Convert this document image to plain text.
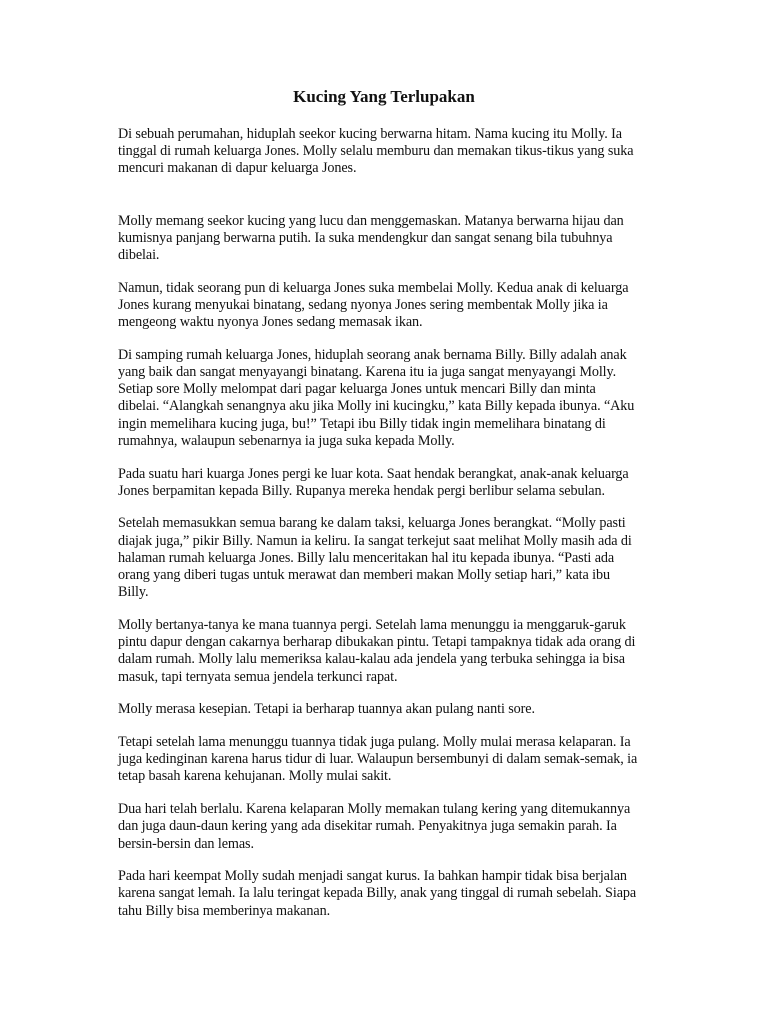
Kucing Yang Terlupakan

Di sebuah perumahan, hiduplah seekor kucing berwarna hitam. Nama kucing itu Molly. Ia tinggal di rumah keluarga Jones. Molly selalu memburu dan memakan tikus-tikus yang suka mencuri makanan di dapur keluarga Jones.

Molly memang seekor kucing yang lucu dan menggemaskan. Matanya berwarna hijau dan kumisnya panjang berwarna putih. Ia suka mendengkur dan sangat senang bila tubuhnya dibelai.

Namun, tidak seorang pun di keluarga Jones suka membelai Molly. Kedua anak di keluarga Jones kurang menyukai binatang, sedang nyonya Jones sering membentak Molly jika ia mengeong waktu nyonya Jones sedang memasak ikan.

Di samping rumah keluarga Jones, hiduplah seorang anak bernama Billy. Billy adalah anak yang baik dan sangat menyayangi binatang. Karena itu ia juga sangat menyayangi Molly. Setiap sore Molly melompat dari pagar keluarga Jones untuk mencari Billy dan minta dibelai. “Alangkah senangnya aku jika Molly ini kucingku,” kata Billy kepada ibunya. “Aku ingin memelihara kucing juga, bu!” Tetapi ibu Billy tidak ingin memelihara binatang di rumahnya, walaupun sebenarnya ia juga suka kepada Molly.

Pada suatu hari kuarga Jones pergi ke luar kota. Saat hendak berangkat, anak-anak keluarga Jones berpamitan kepada Billy. Rupanya mereka hendak pergi berlibur selama sebulan.

Setelah memasukkan semua barang ke dalam taksi, keluarga Jones berangkat. “Molly pasti diajak juga,” pikir Billy. Namun ia keliru. Ia sangat terkejut saat melihat Molly masih ada di halaman rumah keluarga Jones. Billy lalu menceritakan hal itu kepada ibunya. “Pasti ada orang yang diberi tugas untuk merawat dan memberi makan Molly setiap hari,” kata ibu Billy.

Molly bertanya-tanya ke mana tuannya pergi. Setelah lama menunggu ia menggaruk-garuk pintu dapur dengan cakarnya berharap dibukakan pintu. Tetapi tampaknya tidak ada orang di dalam rumah. Molly lalu memeriksa kalau-kalau ada jendela yang terbuka sehingga ia bisa masuk, tapi ternyata semua jendela terkunci rapat.

Molly merasa kesepian. Tetapi ia berharap tuannya akan pulang nanti sore.

Tetapi setelah lama menunggu tuannya tidak juga pulang. Molly mulai merasa kelaparan. Ia juga kedinginan karena harus tidur di luar. Walaupun bersembunyi di dalam semak-semak, ia tetap basah karena kehujanan. Molly mulai sakit.

Dua hari telah berlalu. Karena kelaparan Molly memakan tulang kering yang ditemukannya dan juga daun-daun kering yang ada disekitar rumah. Penyakitnya juga semakin parah. Ia bersin-bersin dan lemas.

Pada hari keempat Molly sudah menjadi sangat kurus. Ia bahkan hampir tidak bisa berjalan karena sangat lemah. Ia lalu teringat kepada Billy, anak yang tinggal di rumah sebelah. Siapa tahu Billy bisa memberinya makanan.
